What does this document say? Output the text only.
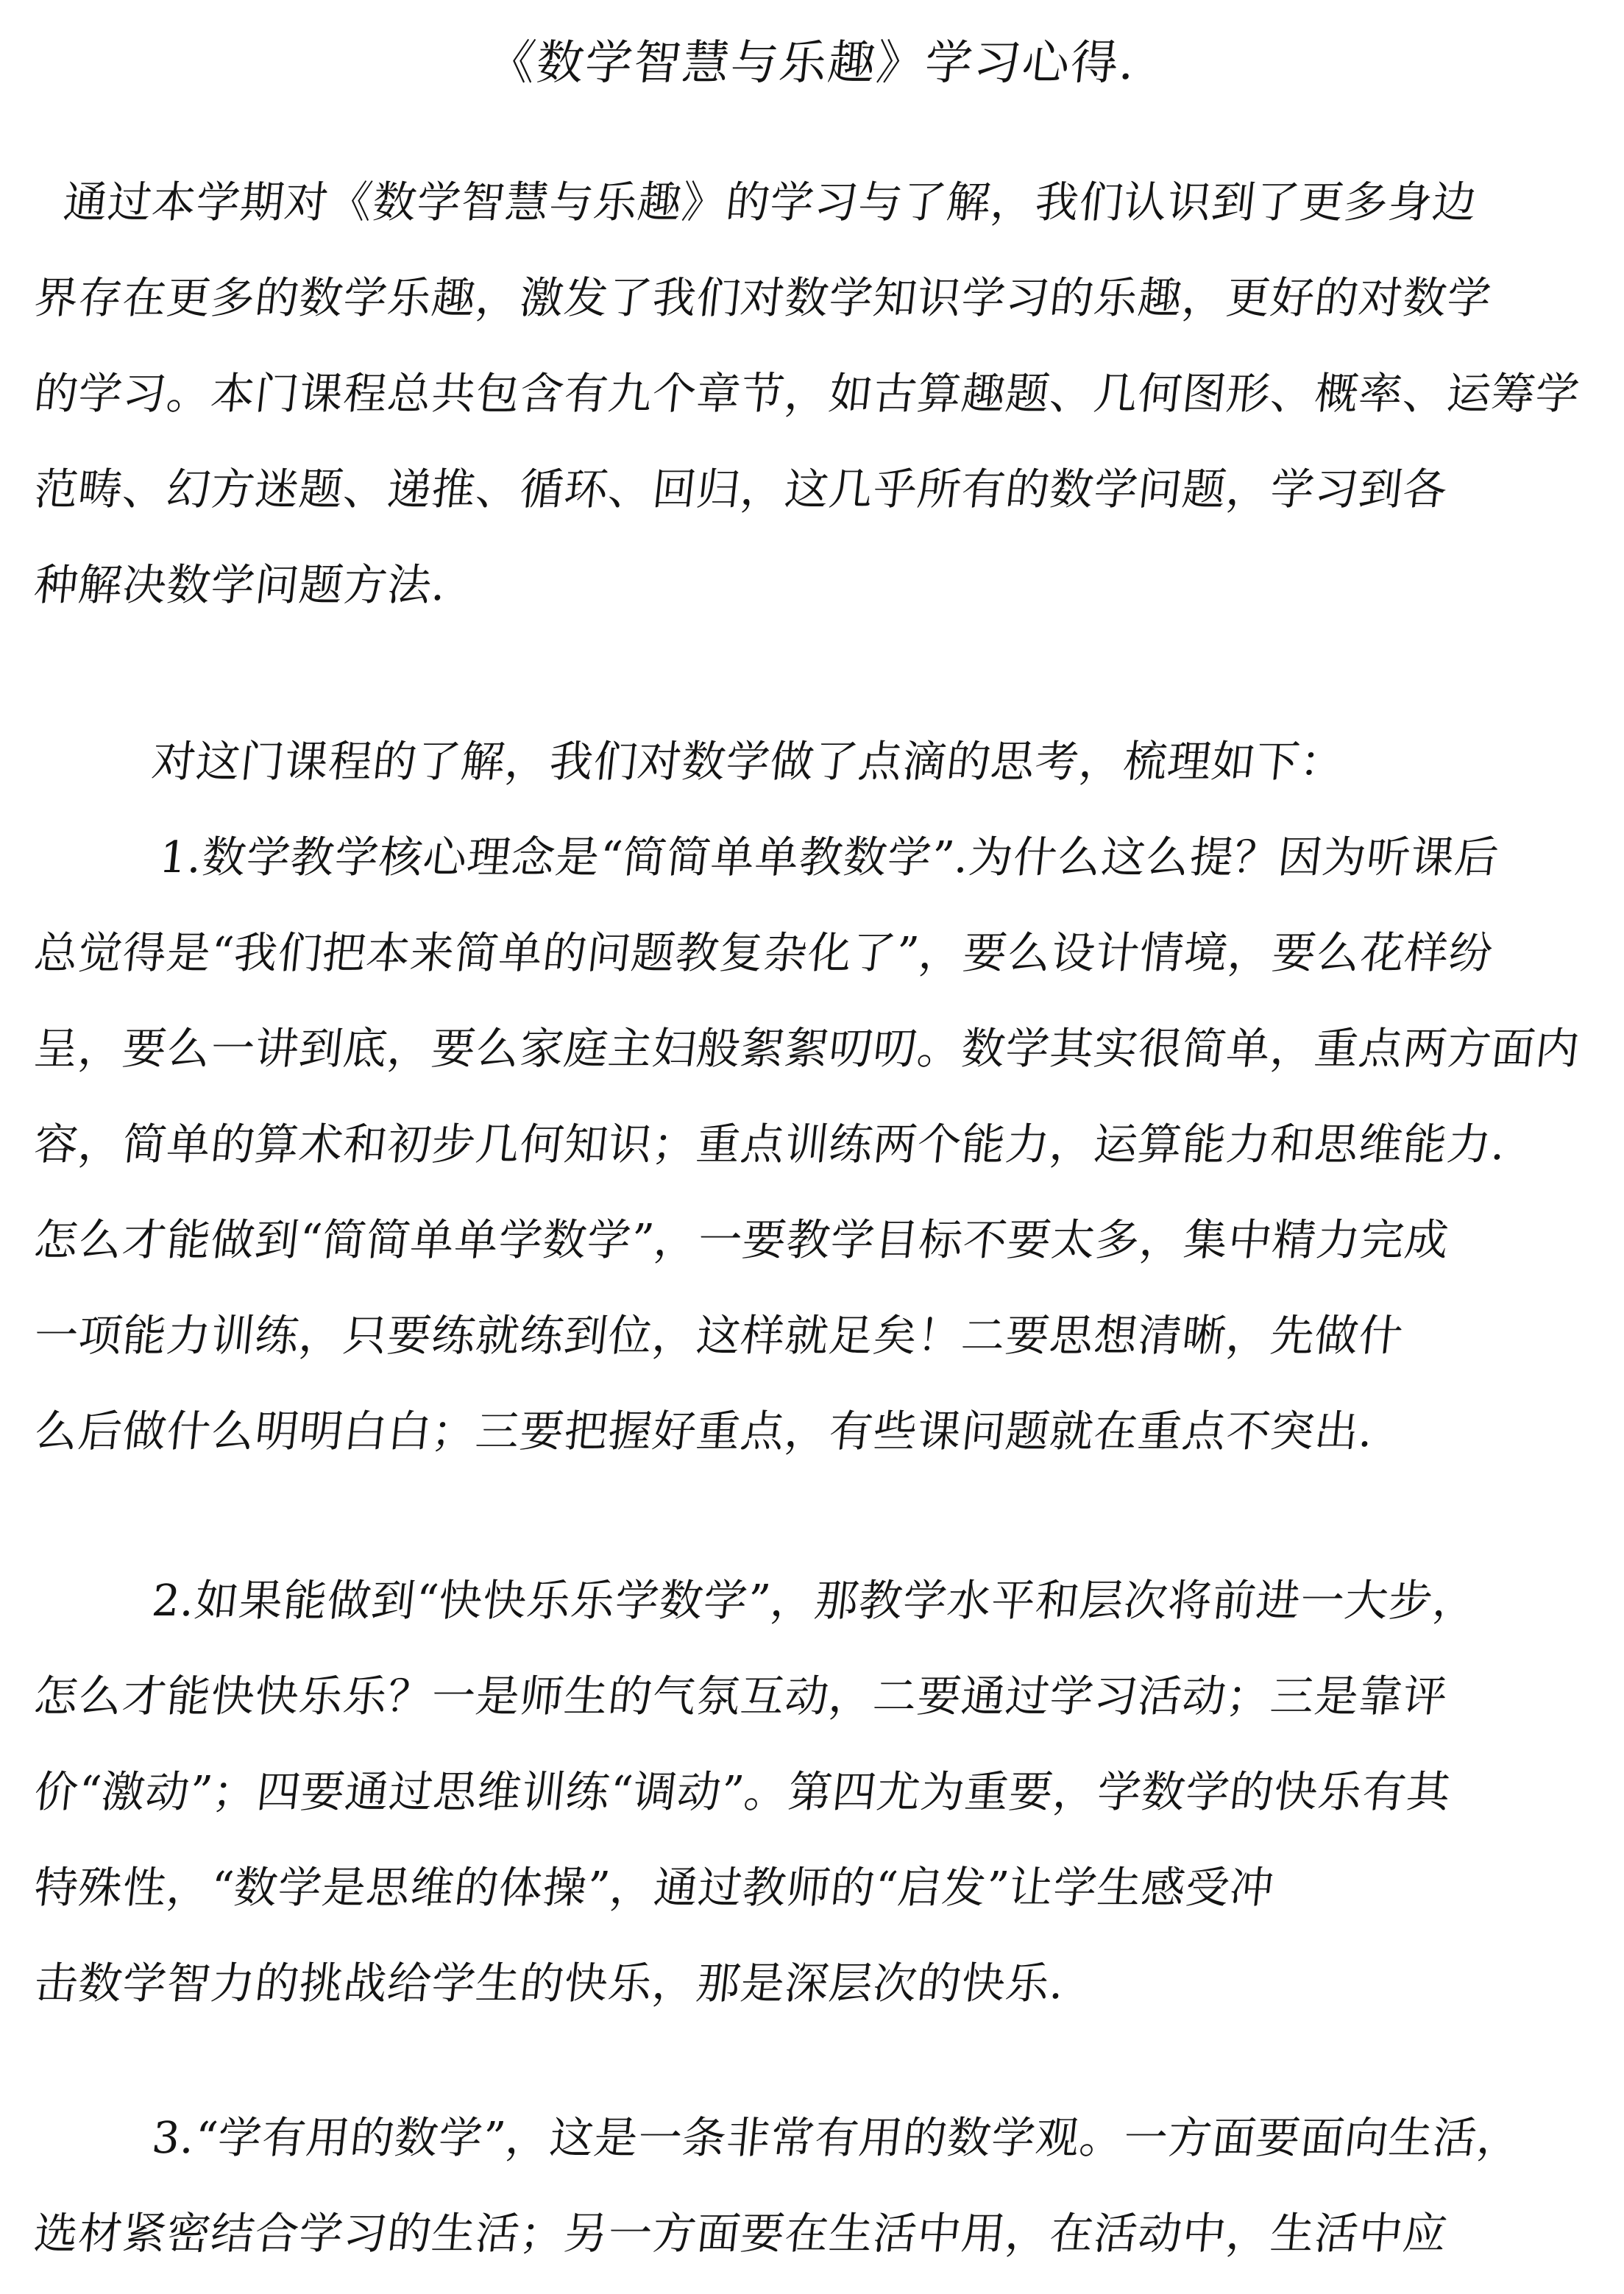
《数学智慧与乐趣》学习心得.
通过本学期对《数学智慧与乐趣》的学习与了解，我们认识到了更多身边
界存在更多的数学乐趣，激发了我们对数学知识学习的乐趣，更好的对数学
的学习。本门课程总共包含有九个章节，如古算趣题、几何图形、概率、运筹学
范畴、幻方迷题、递推、循环、回归，这几乎所有的数学问题，学习到各
种解决数学问题方法.
对这门课程的了解，我们对数学做了点滴的思考，梳理如下：
1.数学教学核心理念是“简简单单教数学”.为什么这么提？因为听课后
总觉得是“我们把本来简单的问题教复杂化了”，要么设计情境，要么花样纷
呈，要么一讲到底，要么家庭主妇般絮絮叨叨。数学其实很简单，重点两方面内
容，简单的算术和初步几何知识；重点训练两个能力，运算能力和思维能力.
怎么才能做到“简简单单学数学”，一要教学目标不要太多，集中精力完成
一项能力训练，只要练就练到位，这样就足矣！二要思想清晰，先做什
么后做什么明明白白；三要把握好重点，有些课问题就在重点不突出.
2.如果能做到“快快乐乐学数学”，那教学水平和层次将前进一大步，
怎么才能快快乐乐？一是师生的气氛互动，二要通过学习活动；三是靠评
价“激动”；四要通过思维训练“调动”。第四尤为重要，学数学的快乐有其
特殊性，“数学是思维的体操”，通过教师的“启发”让学生感受冲
击数学智力的挑战给学生的快乐，那是深层次的快乐.
3.“学有用的数学”，这是一条非常有用的数学观。一方面要面向生活，
选材紧密结合学习的生活；另一方面要在生活中用，在活动中，生活中应
